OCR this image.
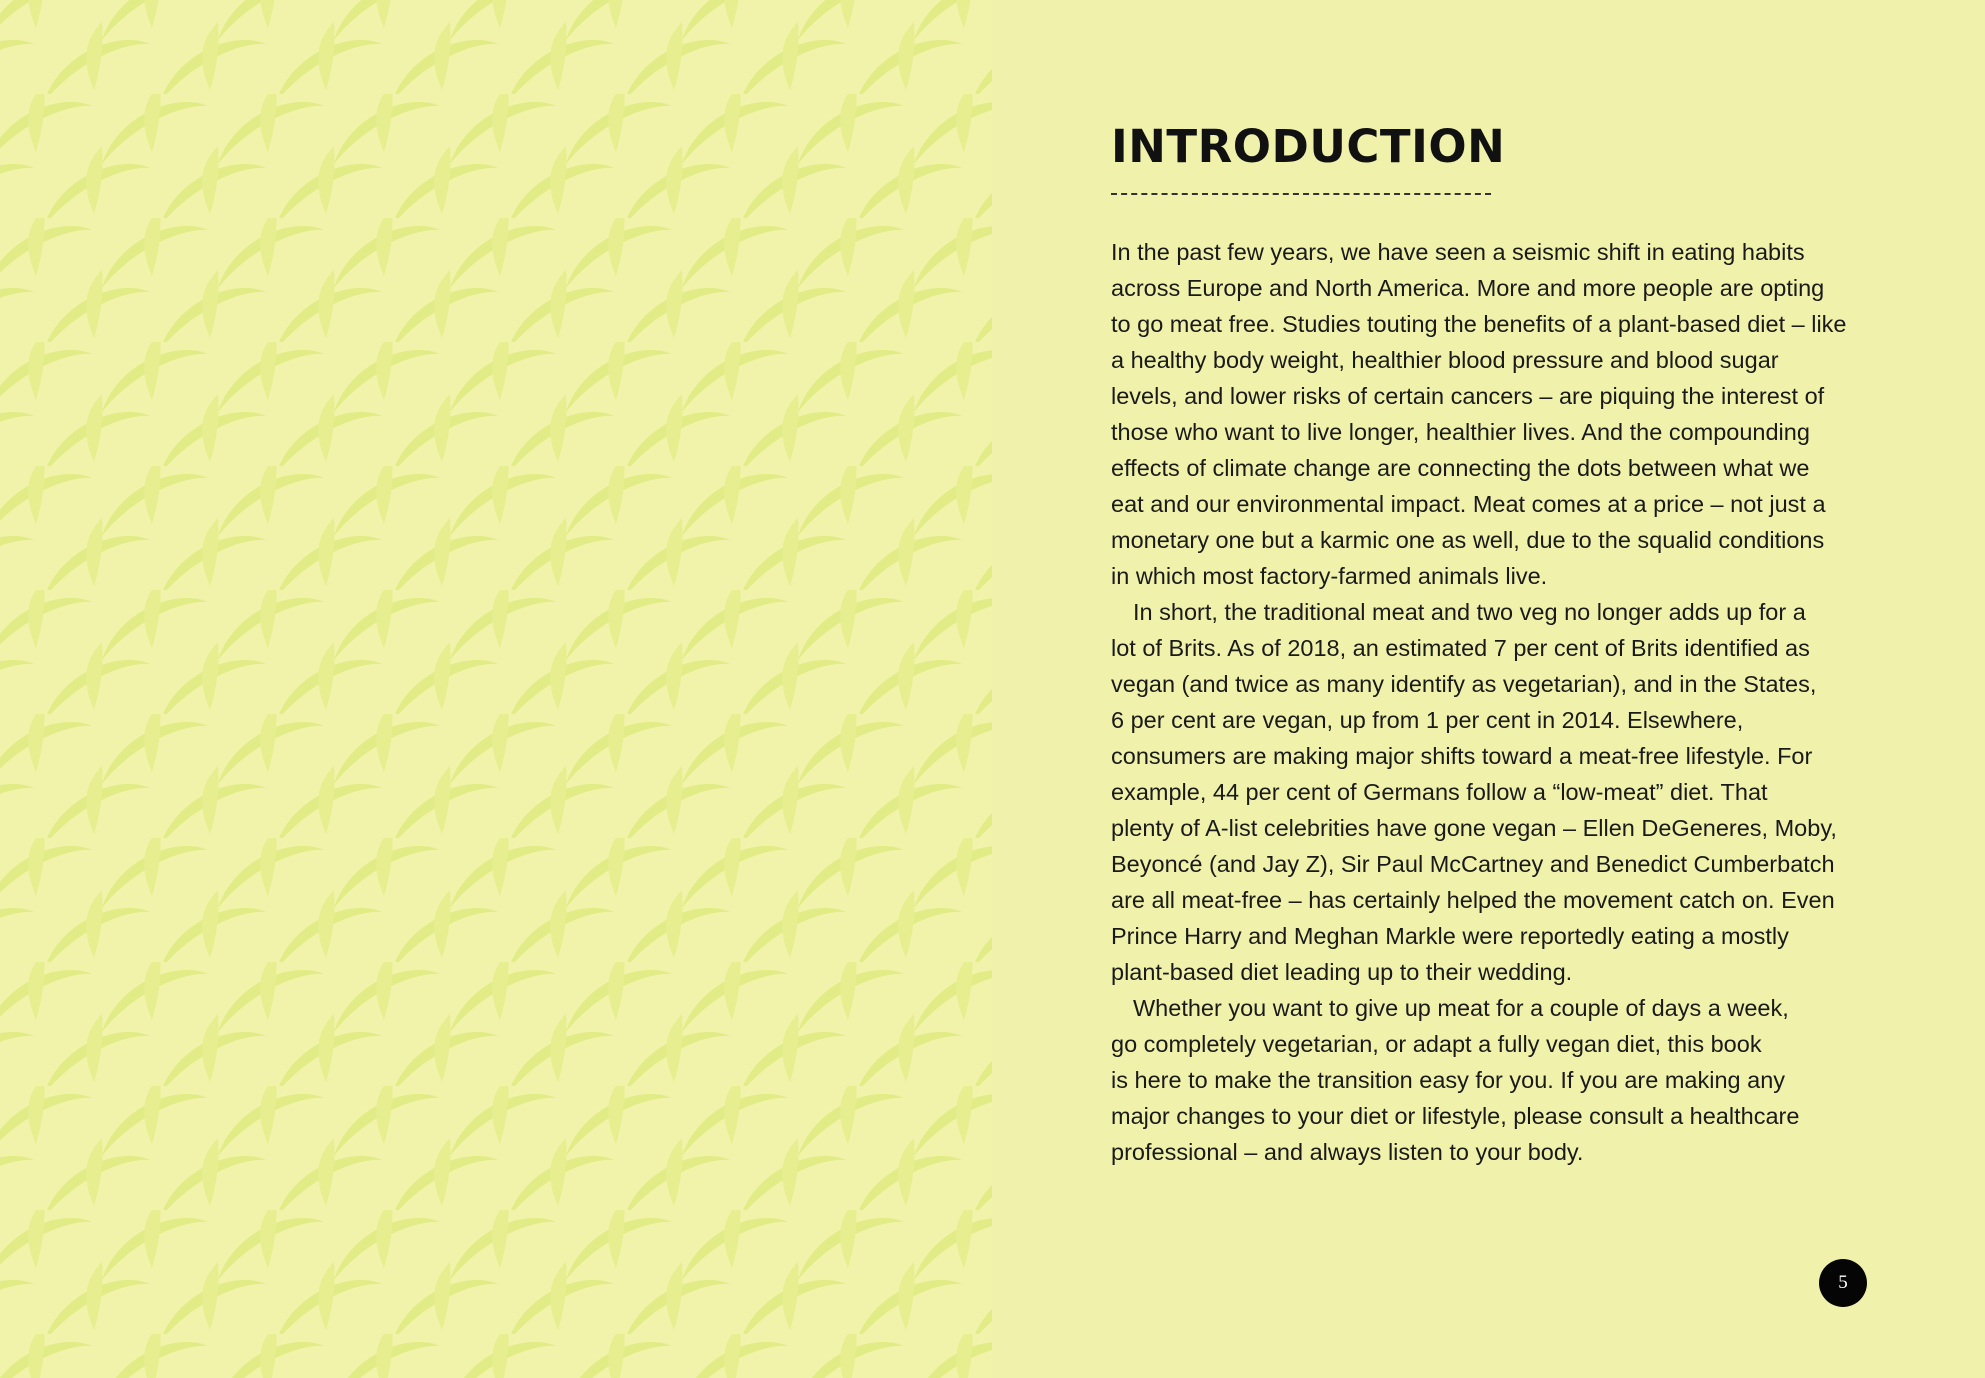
INTRODUCTION
In the past few years, we have seen a seismic shift in eating habits
across Europe and North America. More and more people are opting
to go meat free. Studies touting the benefits of a plant-based diet – like
a healthy body weight, healthier blood pressure and blood sugar
levels, and lower risks of certain cancers – are piquing the interest of
those who want to live longer, healthier lives. And the compounding
effects of climate change are connecting the dots between what we
eat and our environmental impact. Meat comes at a price – not just a
monetary one but a karmic one as well, due to the squalid conditions
in which most factory-farmed animals live.
In short, the traditional meat and two veg no longer adds up for a
lot of Brits. As of 2018, an estimated 7 per cent of Brits identified as
vegan (and twice as many identify as vegetarian), and in the States,
6 per cent are vegan, up from 1 per cent in 2014. Elsewhere,
consumers are making major shifts toward a meat-free lifestyle. For
example, 44 per cent of Germans follow a “low-meat” diet. That
plenty of A-list celebrities have gone vegan – Ellen DeGeneres, Moby,
Beyoncé (and Jay Z), Sir Paul McCartney and Benedict Cumberbatch
are all meat-free – has certainly helped the movement catch on. Even
Prince Harry and Meghan Markle were reportedly eating a mostly
plant-based diet leading up to their wedding.
Whether you want to give up meat for a couple of days a week,
go completely vegetarian, or adapt a fully vegan diet, this book
is here to make the transition easy for you. If you are making any
major changes to your diet or lifestyle, please consult a healthcare
professional – and always listen to your body.
5
